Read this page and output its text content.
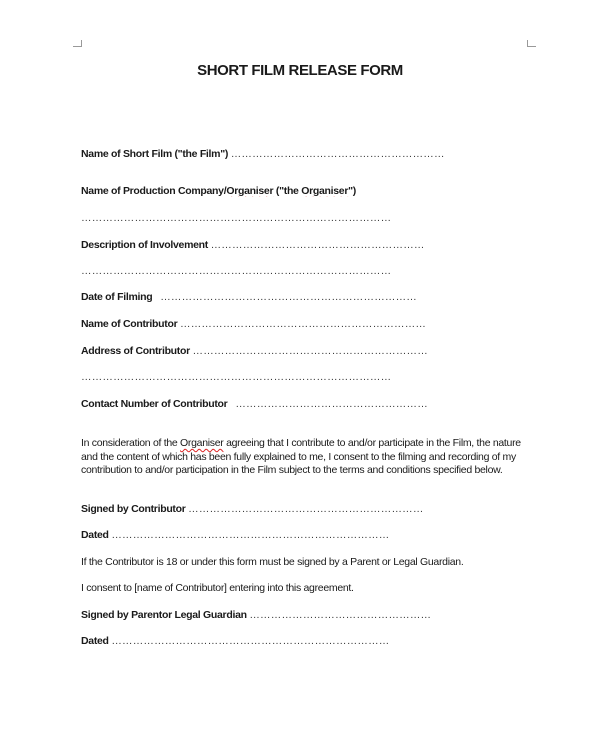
SHORT FILM RELEASE FORM
Name of Short Film ("the Film") ……………………………………………………
Name of Production Company/Organiser ("the Organiser")
……………………………………………………………………………
Description of Involvement ……………………………………………………
……………………………………………………………………………
Date of Filming ………………………………………………………………
Name of Contributor ……………………………………………………………
Address of Contributor …………………………………………………………
……………………………………………………………………………
Contact Number of Contributor ………………………………………………
In consideration of the Organiser agreeing that I contribute to and/or participate in the Film, the nature and the content of which has been fully explained to me, I consent to the filming and recording of my contribution to and/or participation in the Film subject to the terms and conditions specified below.
Signed by Contributor …………………………………………………………
Dated ……………………………………………………………………
If the Contributor is 18 or under this form must be signed by a Parent or Legal Guardian.
I consent to [name of Contributor] entering into this agreement.
Signed by Parentor Legal Guardian ……………………………………………
Dated ……………………………………………………………………
